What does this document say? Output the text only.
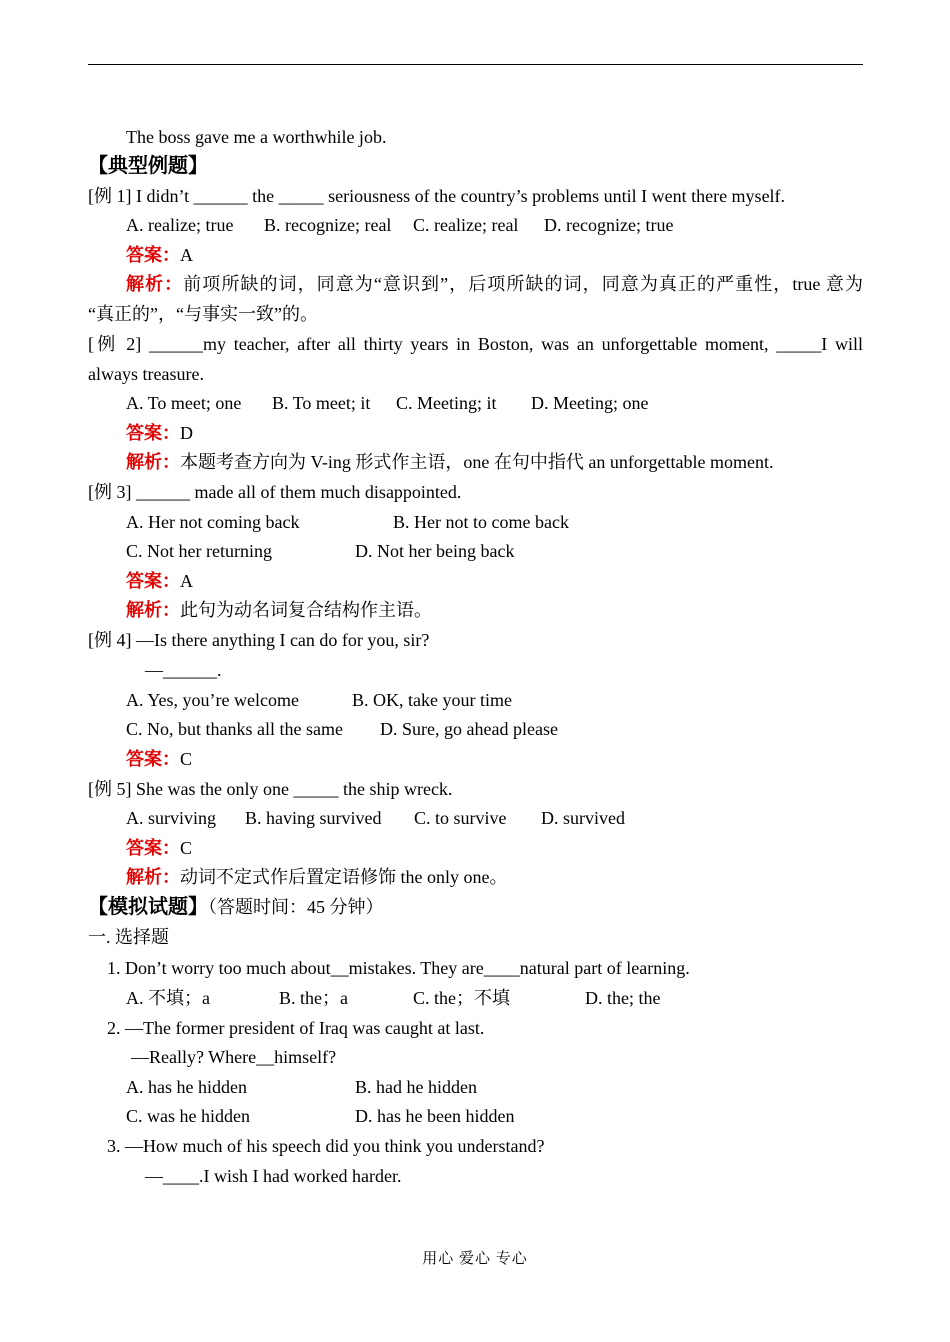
The boss gave me a worthwhile job.
【典型例题】
[例 1] I didn’t ______ the _____ seriousness of the country’s problems until I went there myself.
A. realize; true B. recognize; real C. realize; real D. recognize; true
答案：A
解析：前项所缺的词，同意为“意识到”，后项所缺的词，同意为真正的严重性，true 意为
“真正的”，“与事实一致”的。
[例 2] ______my teacher, after all thirty years in Boston, was an unforgettable moment, _____I will
always treasure.
A. To meet; one B. To meet; it C. Meeting; it D. Meeting; one
答案：D
解析：本题考查方向为 V-ing 形式作主语，one 在句中指代 an unforgettable moment.
[例 3] ______ made all of them much disappointed.
A. Her not coming back	B. Her not to come back
C. Not her returning	D. Not her being back
答案：A
解析：此句为动名词复合结构作主语。
[例 4] —Is there anything I can do for you, sir?
—______.
A. Yes, you’re welcome	B. OK, take your time
C. No, but thanks all the same D. Sure, go ahead please
答案：C
[例 5] She was the only one _____ the ship wreck.
A. surviving B. having survived C. to survive D. survived
答案：C
解析：动词不定式作后置定语修饰 the only one。
【模拟试题】（答题时间：45 分钟）
一. 选择题
1. Don’t worry too much about__mistakes. They are____natural part of learning.
A. 不填；a	B. the；a	C. the；不填	D. the; the
2. —The former president of Iraq was caught at last.
—Really? Where__himself?
A. has he hidden	B. had he hidden
C. was he hidden	D. has he been hidden
3. —How much of his speech did you think you understand?
—____.I wish I had worked harder.
用心 爱心 专心
